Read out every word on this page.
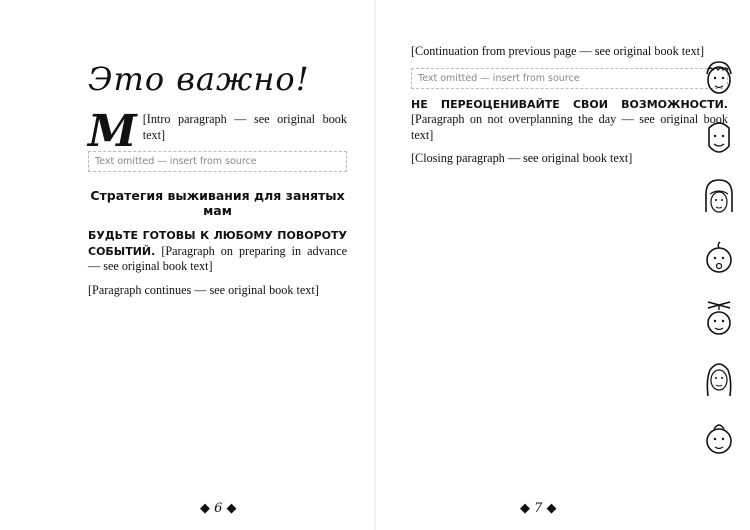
Это важно!

М [Intro paragraph — see original book text]

Text omitted — insert from source
Стратегия выживания для занятых мам

БУДЬТЕ ГОТОВЫ К ЛЮБОМУ ПОВОРОТУ СОБЫТИЙ. [Paragraph on preparing in advance — see original book text]

[Paragraph continues — see original book text]

◆ 6 ◆

[Continuation from previous page — see original book text]

Text omitted — insert from source

НЕ ПЕРЕОЦЕНИВАЙТЕ СВОИ ВОЗМОЖНОСТИ. [Paragraph on not overplanning the day — see original book text]

[Closing paragraph — see original book text]

◆ 7 ◆
